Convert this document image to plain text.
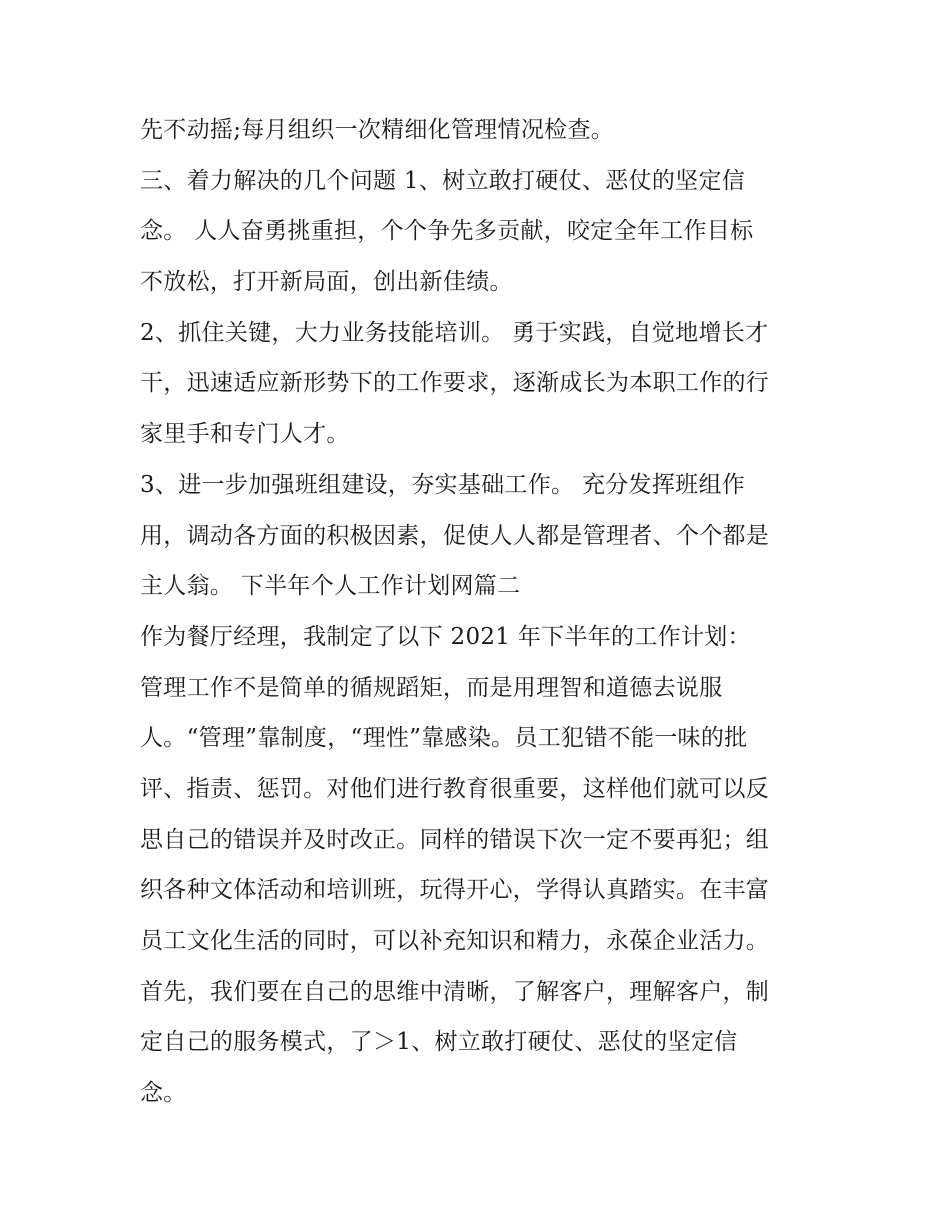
先不动摇;每月组织一次精细化管理情况检查。
三、着力解决的几个问题 1、树立敢打硬仗、恶仗的坚定信
念。 人人奋勇挑重担，个个争先多贡献，咬定全年工作目标
不放松，打开新局面，创出新佳绩。
2、抓住关键，大力业务技能培训。 勇于实践，自觉地增长才
干，迅速适应新形势下的工作要求，逐渐成长为本职工作的行
家里手和专门人才。
3、进一步加强班组建设，夯实基础工作。 充分发挥班组作
用，调动各方面的积极因素，促使人人都是管理者、个个都是
主人翁。 下半年个人工作计划网篇二
作为餐厅经理，我制定了以下 2021 年下半年的工作计划：
管理工作不是简单的循规蹈矩，而是用理智和道德去说服
人。“管理”靠制度，“理性”靠感染。员工犯错不能一味的批
评、指责、惩罚。对他们进行教育很重要，这样他们就可以反
思自己的错误并及时改正。同样的错误下次一定不要再犯；组
织各种文体活动和培训班，玩得开心，学得认真踏实。在丰富
员工文化生活的同时，可以补充知识和精力，永葆企业活力。
首先，我们要在自己的思维中清晰，了解客户，理解客户，制
定自己的服务模式，了＞1、树立敢打硬仗、恶仗的坚定信
念。
